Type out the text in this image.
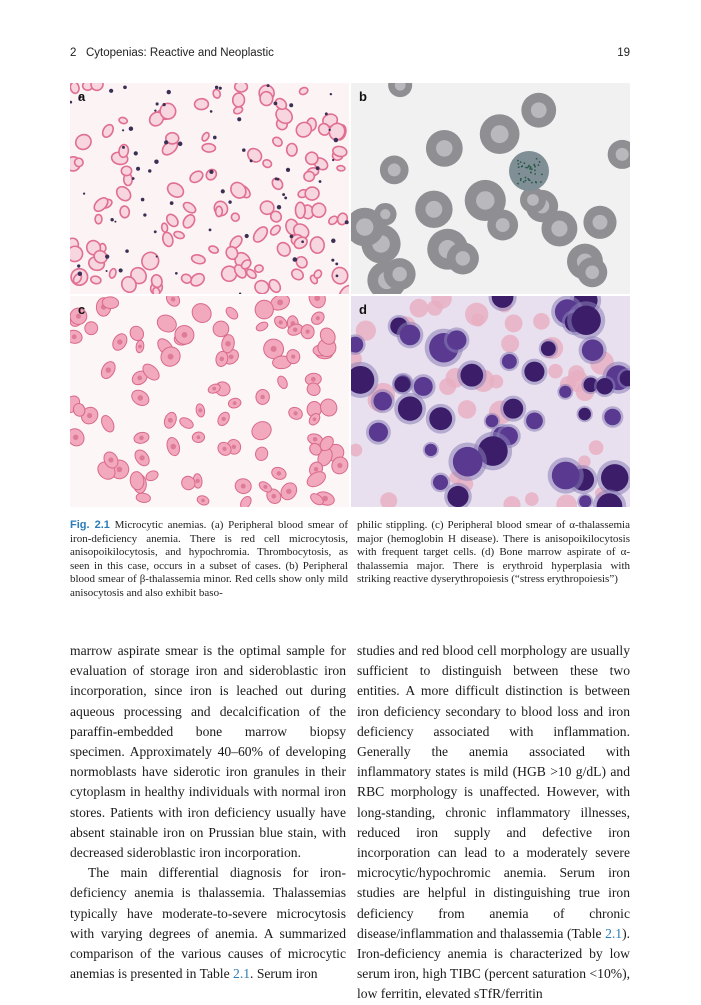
2   Cytopenias: Reactive and Neoplastic	19
a	b
c	d
Fig. 2.1 Microcytic anemias. (a) Peripheral blood smear of iron-deficiency anemia. There is red cell microcytosis, anisopoikilocytosis, and hypochromia. Thrombocytosis, as seen in this case, occurs in a subset of cases. (b) Peripheral blood smear of β-thalassemia minor. Red cells show only mild anisocytosis and also exhibit baso-
philic stippling. (c) Peripheral blood smear of α-thalassemia major (hemoglobin H disease). There is anisopoikilocytosis with frequent target cells. (d) Bone marrow aspirate of α-thalassemia major. There is erythroid hyperplasia with striking reactive dyserythropoiesis (“stress erythropoiesis”)

marrow aspirate smear is the optimal sample for evaluation of storage iron and sideroblastic iron incorporation, since iron is leached out during aqueous processing and decalcification of the paraffin-embedded bone marrow biopsy specimen. Approximately 40–60% of developing normoblasts have siderotic iron granules in their cytoplasm in healthy individuals with normal iron stores. Patients with iron deficiency usually have absent stainable iron on Prussian blue stain, with decreased sideroblastic iron incorporation.

The main differential diagnosis for iron-deficiency anemia is thalassemia. Thalassemias typically have moderate-to-severe microcytosis with varying degrees of anemia. A summarized comparison of the various causes of microcytic anemias is presented in Table 2.1. Serum iron

studies and red blood cell morphology are usually sufficient to distinguish between these two entities. A more difficult distinction is between iron deficiency secondary to blood loss and iron deficiency associated with inflammation. Generally the anemia associated with inflammatory states is mild (HGB >10 g/dL) and RBC morphology is unaffected. However, with long-standing, chronic inflammatory illnesses, reduced iron supply and defective iron incorporation can lead to a moderately severe microcytic/hypochromic anemia. Serum iron studies are helpful in distinguishing true iron deficiency from anemia of chronic disease/inflammation and thalassemia (Table 2.1). Iron-deficiency anemia is characterized by low serum iron, high TIBC (percent saturation <10%), low ferritin, elevated sTfR/ferritin
